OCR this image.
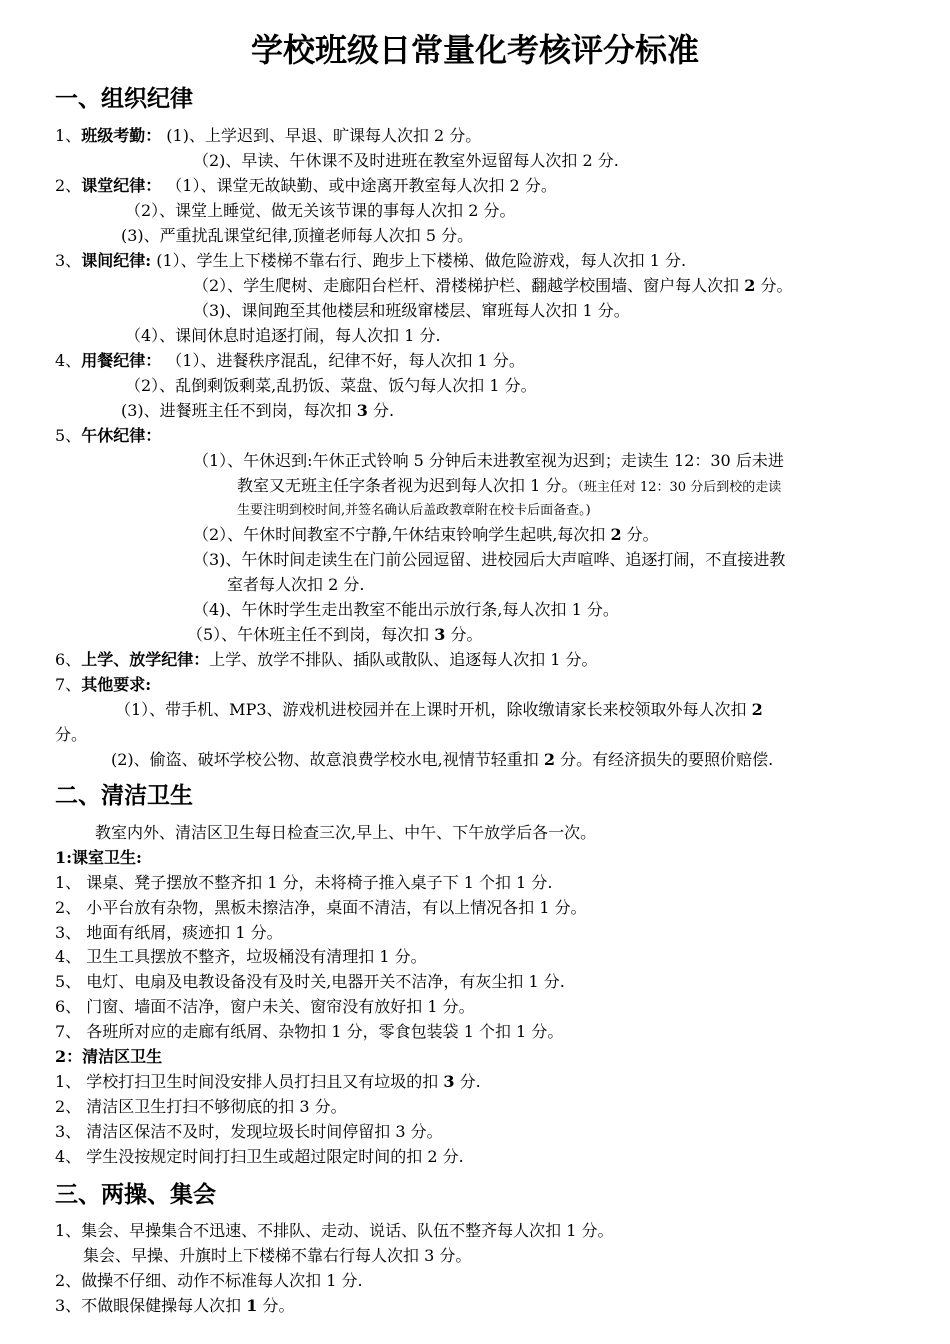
学校班级日常量化考核评分标准
一、组织纪律
1、班级考勤： (1)、上学迟到、早退、旷课每人次扣 2 分。
（2)、早读、午休课不及时进班在教室外逗留每人次扣 2 分.
2、课堂纪律： （1）、课堂无故缺勤、或中途离开教室每人次扣 2 分。
（2）、课堂上睡觉、做无关该节课的事每人次扣 2 分。
(3)、严重扰乱课堂纪律,顶撞老师每人次扣 5 分。
3、课间纪律: (1）、学生上下楼梯不靠右行、跑步上下楼梯、做危险游戏，每人次扣 1 分.
（2）、学生爬树、走廊阳台栏杆、滑楼梯护栏、翻越学校围墙、窗户每人次扣 2 分。
（3)、课间跑至其他楼层和班级窜楼层、窜班每人次扣 1 分。
（4）、课间休息时追逐打闹，每人次扣 1 分.
4、用餐纪律： （1）、进餐秩序混乱，纪律不好，每人次扣 1 分。
（2）、乱倒剩饭剩菜,乱扔饭、菜盘、饭勺每人次扣 1 分。
(3)、进餐班主任不到岗，每次扣 3 分.
5、午休纪律：
（1）、午休迟到:午休正式铃响 5 分钟后未进教室视为迟到；走读生 12：30 后未进
教室又无班主任字条者视为迟到每人次扣 1 分。（班主任对 12：30 分后到校的走读
生要注明到校时间,并签名确认后盖政教章附在校卡后面备查。)
（2）、午休时间教室不宁静,午休结束铃响学生起哄,每次扣 2 分。
（3)、午休时间走读生在门前公园逗留、进校园后大声喧哗、追逐打闹，不直接进教
室者每人次扣 2 分.
（4)、午休时学生走出教室不能出示放行条,每人次扣 1 分。
（5）、午休班主任不到岗，每次扣 3 分。
6、上学、放学纪律：上学、放学不排队、插队或散队、追逐每人次扣 1 分。
7、其他要求:
（1）、带手机、MP3、游戏机进校园并在上课时开机，除收缴请家长来校领取外每人次扣 2
分。
(2)、偷盗、破坏学校公物、故意浪费学校水电,视情节轻重扣 2 分。有经济损失的要照价赔偿.
二、清洁卫生
教室内外、清洁区卫生每日检查三次,早上、中午、下午放学后各一次。
1:课室卫生:
1、 课桌、凳子摆放不整齐扣 1 分，未将椅子推入桌子下 1 个扣 1 分.
2、 小平台放有杂物，黑板未擦洁净，桌面不清洁，有以上情况各扣 1 分。
3、 地面有纸屑，痰迹扣 1 分。
4、 卫生工具摆放不整齐，垃圾桶没有清理扣 1 分。
5、 电灯、电扇及电教设备没有及时关,电器开关不洁净，有灰尘扣 1 分.
6、 门窗、墙面不洁净，窗户未关、窗帘没有放好扣 1 分。
7、 各班所对应的走廊有纸屑、杂物扣 1 分，零食包装袋 1 个扣 1 分。
2：清洁区卫生
1、 学校打扫卫生时间没安排人员打扫且又有垃圾的扣 3 分.
2、 清洁区卫生打扫不够彻底的扣 3 分。
3、 清洁区保洁不及时，发现垃圾长时间停留扣 3 分。
4、 学生没按规定时间打扫卫生或超过限定时间的扣 2 分.
三、两操、集会
1、集会、早操集合不迅速、不排队、走动、说话、队伍不整齐每人次扣 1 分。
集会、早操、升旗时上下楼梯不靠右行每人次扣 3 分。
2、做操不仔细、动作不标准每人次扣 1 分.
3、不做眼保健操每人次扣 1 分。
